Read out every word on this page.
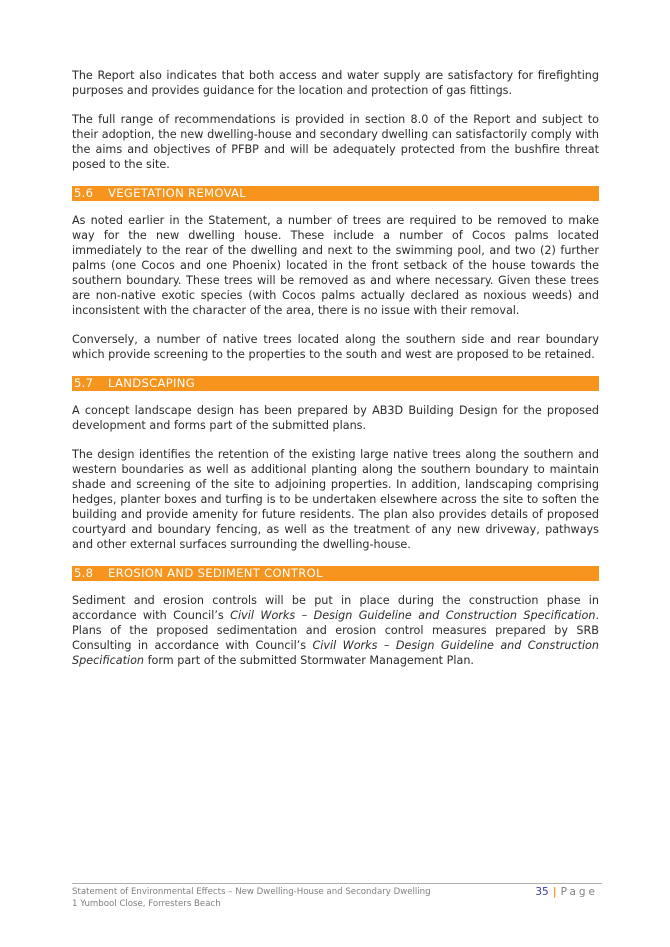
The Report also indicates that both access and water supply are satisfactory for firefighting purposes and provides guidance for the location and protection of gas fittings.

The full range of recommendations is provided in section 8.0 of the Report and subject to their adoption, the new dwelling-house and secondary dwelling can satisfactorily comply with the aims and objectives of PFBP and will be adequately protected from the bushfire threat posed to the site.

5.6 VEGETATION REMOVAL

As noted earlier in the Statement, a number of trees are required to be removed to make way for the new dwelling house. These include a number of Cocos palms located immediately to the rear of the dwelling and next to the swimming pool, and two (2) further palms (one Cocos and one Phoenix) located in the front setback of the house towards the southern boundary. These trees will be removed as and where necessary. Given these trees are non-native exotic species (with Cocos palms actually declared as noxious weeds) and inconsistent with the character of the area, there is no issue with their removal.

Conversely, a number of native trees located along the southern side and rear boundary which provide screening to the properties to the south and west are proposed to be retained.

5.7 LANDSCAPING

A concept landscape design has been prepared by AB3D Building Design for the proposed development and forms part of the submitted plans.

The design identifies the retention of the existing large native trees along the southern and western boundaries as well as additional planting along the southern boundary to maintain shade and screening of the site to adjoining properties. In addition, landscaping comprising hedges, planter boxes and turfing is to be undertaken elsewhere across the site to soften the building and provide amenity for future residents. The plan also provides details of proposed courtyard and boundary fencing, as well as the treatment of any new driveway, pathways and other external surfaces surrounding the dwelling-house.

5.8 EROSION AND SEDIMENT CONTROL

Sediment and erosion controls will be put in place during the construction phase in accordance with Council’s Civil Works – Design Guideline and Construction Specification. Plans of the proposed sedimentation and erosion control measures prepared by SRB Consulting in accordance with Council’s Civil Works – Design Guideline and Construction Specification form part of the submitted Stormwater Management Plan.

Statement of Environmental Effects – New Dwelling-House and Secondary Dwelling
1 Yumbool Close, Forresters Beach
35 | Page
